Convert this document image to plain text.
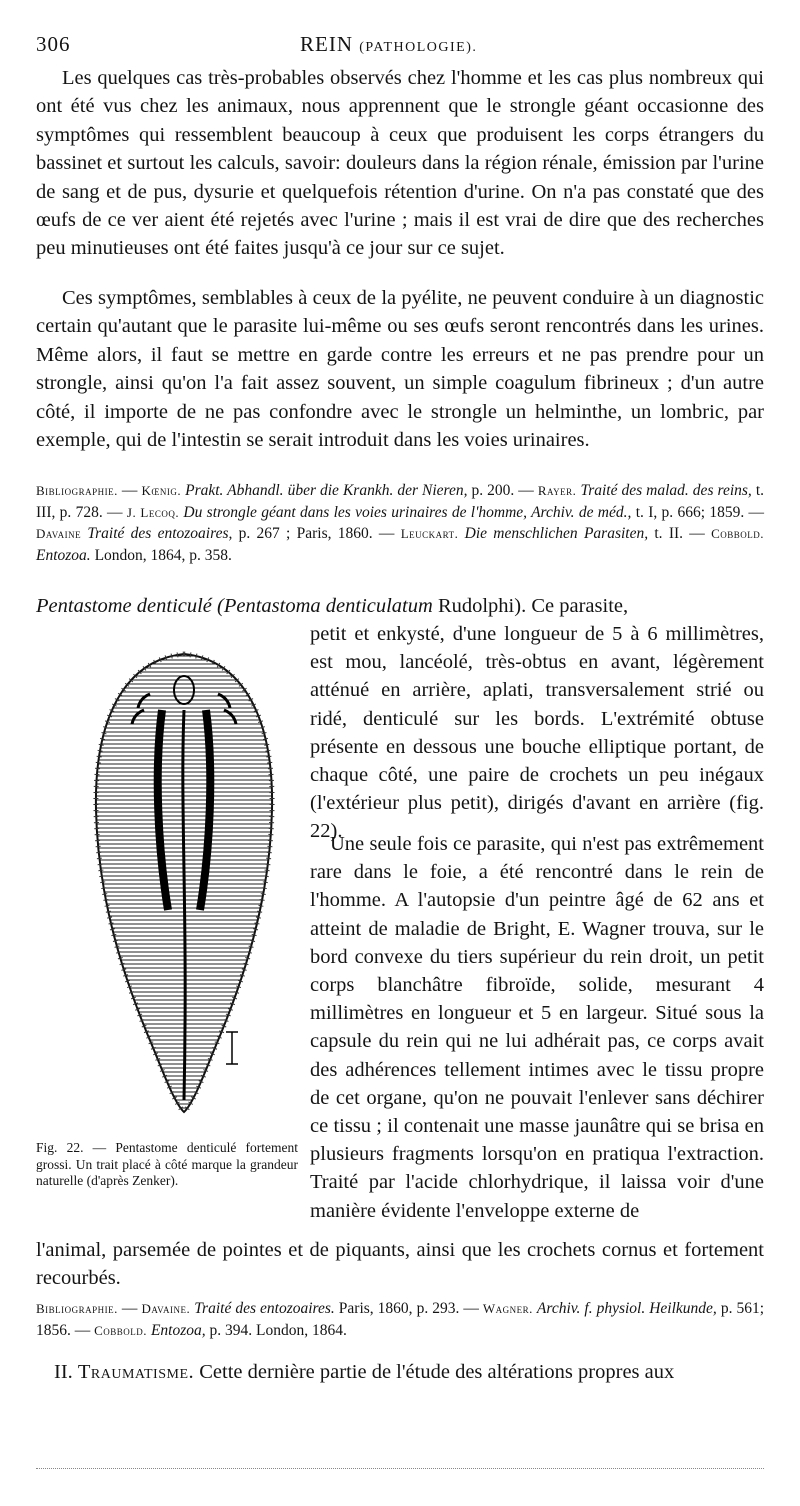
306	REIN (PATHOLOGIE).

Les quelques cas très-probables observés chez l'homme et les cas plus nombreux qui ont été vus chez les animaux, nous apprennent que le strongle géant occasionne des symptômes qui ressemblent beaucoup à ceux que produisent les corps étrangers du bassinet et surtout les calculs, savoir: douleurs dans la région rénale, émission par l'urine de sang et de pus, dysurie et quelquefois rétention d'urine. On n'a pas constaté que des œufs de ce ver aient été rejetés avec l'urine ; mais il est vrai de dire que des recherches peu minutieuses ont été faites jusqu'à ce jour sur ce sujet.

Ces symptômes, semblables à ceux de la pyélite, ne peuvent conduire à un diagnostic certain qu'autant que le parasite lui-même ou ses œufs seront rencontrés dans les urines. Même alors, il faut se mettre en garde contre les erreurs et ne pas prendre pour un strongle, ainsi qu'on l'a fait assez souvent, un simple coagulum fibrineux ; d'un autre côté, il importe de ne pas confondre avec le strongle un helminthe, un lombric, par exemple, qui de l'intestin se serait introduit dans les voies urinaires.

Bibliographie. — Kœnig. Prakt. Abhandl. über die Krankh. der Nieren, p. 200. — Rayer. Traité des malad. des reins, t. III, p. 728. — J. Lecoq. Du strongle géant dans les voies urinaires de l'homme, Archiv. de méd., t. I, p. 666; 1859. — Davaine Traité des entozoaires, p. 267 ; Paris, 1860. — Leuckart. Die menschlichen Parasiten, t. II. — Cobbold. Entozoa. London, 1864, p. 358.

Pentastome denticulé (Pentastoma denticulatum Rudolphi). Ce parasite,

petit et enkysté, d'une longueur de 5 à 6 millimètres, est mou, lancéolé, très-obtus en avant, légèrement atténué en arrière, aplati, transversalement strié ou ridé, denticulé sur les bords. L'extrémité obtuse présente en dessous une bouche elliptique portant, de chaque côté, une paire de crochets un peu inégaux (l'extérieur plus petit), dirigés d'avant en arrière (fig. 22).

Une seule fois ce parasite, qui n'est pas extrêmement rare dans le foie, a été rencontré dans le rein de l'homme. A l'autopsie d'un peintre âgé de 62 ans et atteint de maladie de Bright, E. Wagner trouva, sur le bord convexe du tiers supérieur du rein droit, un petit corps blanchâtre fibroïde, solide, mesurant 4 millimètres en longueur et 5 en largeur. Situé sous la capsule du rein qui ne lui adhérait pas, ce corps avait des adhérences tellement intimes avec le tissu propre de cet organe, qu'on ne pouvait l'enlever sans déchirer ce tissu ; il contenait une masse jaunâtre qui se brisa en plusieurs fragments lorsqu'on en pratiqua l'extraction. Traité par l'acide chlorhydrique, il laissa voir d'une manière évidente l'enveloppe externe de

Fig. 22. — Pentastome denticulé fortement grossi. Un trait placé à côté marque la grandeur naturelle (d'après Zenker).

l'animal, parsemée de pointes et de piquants, ainsi que les crochets cornus et fortement recourbés.

Bibliographie. — Davaine. Traité des entozoaires. Paris, 1860, p. 293. — Wagner. Archiv. f. physiol. Heilkunde, p. 561; 1856. — Cobbold. Entozoa, p. 394. London, 1864.

II. Traumatisme. Cette dernière partie de l'étude des altérations propres aux
